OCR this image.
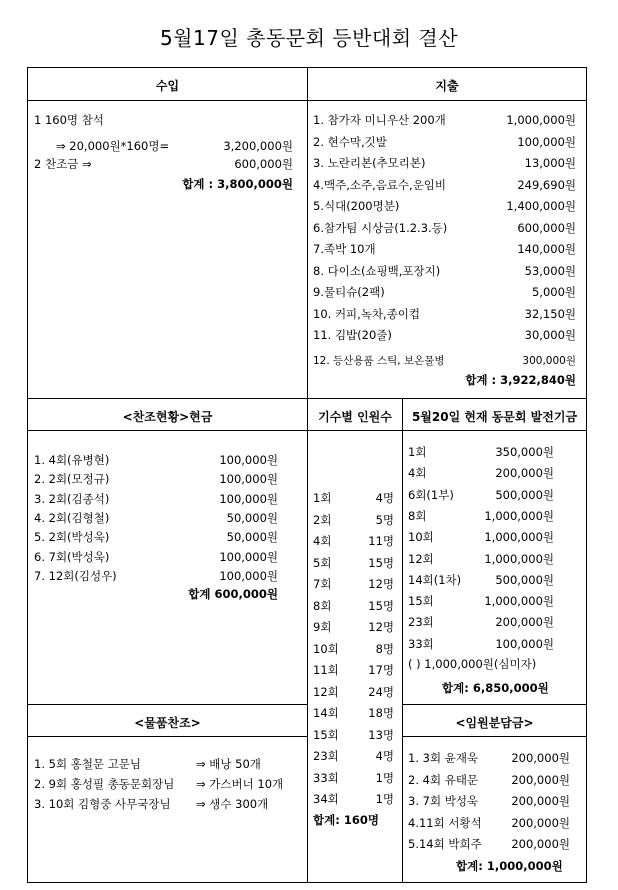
5월17일 총동문회 등반대회 결산
수입	지출
<찬조현황>현금	기수별 인원수	5월20일 현재 동문회 발전기금
<물품찬조>	<임원분담금>
1 160명 참석
⇒ 20,000원*160명=	3,200,000원
2 찬조금 ⇒	600,000원
합계 : 3,800,000원
1. 참가자 미니우산 200개	1,000,000원
2. 현수막,깃발	100,000원
3. 노란리본(추모리본)	13,000원
4.맥주,소주,음료수,운임비	249,690원
5.식대(200명분)	1,400,000원
6.참가팀 시상금(1.2.3.등)	600,000원
7.족박 10개	140,000원
8. 다이소(쇼핑백,포장지)	53,000원
9.물티슈(2팩)	5,000원
10. 커피,녹차,종이컵	32,150원
11. 김밥(20줄)	30,000원
12. 등산용품 스틱, 보온물병	300,000원
합계 : 3,922,840원
1. 4회(유병현)	100,000원
2. 2회(모정규)	100,000원
3. 2회(김종석)	100,000원
4. 2회(김형철)	50,000원
5. 2회(박성욱)	50,000원
6. 7회(박성욱)	100,000원
7. 12회(김성우)	100,000원
합계 600,000원
1회	4명
2회	5명
4회	11명
5회	15명
7회	12명
8회	15명
9회	12명
10회	8명
11회	17명
12회	24명
14회	18명
15회	13명
23회	4명
33회	1명
34회	1명
합계: 160명
1회	350,000원
4회	200,000원
6회(1부)	500,000원
8회	1,000,000원
10회	1,000,000원
12회	1,000,000원
14회(1차)	500,000원
15회	1,000,000원
23회	200,000원
33회	100,000원
( ) 1,000,000원(심미자)
합계: 6,850,000원
1. 5회 홍철문 고문님	⇒ 배낭 50개
2. 9회 홍성필 총동문회장님 ⇒ 가스버너 10개
3. 10회 김형중 사무국장님 ⇒ 생수 300개
1. 3회 윤재욱	200,000원
2. 4회 유태문	200,000원
3. 7회 박성욱	200,000원
4.11회 서황석	200,000원
5.14회 박희주	200,000원
합계: 1,000,000원
